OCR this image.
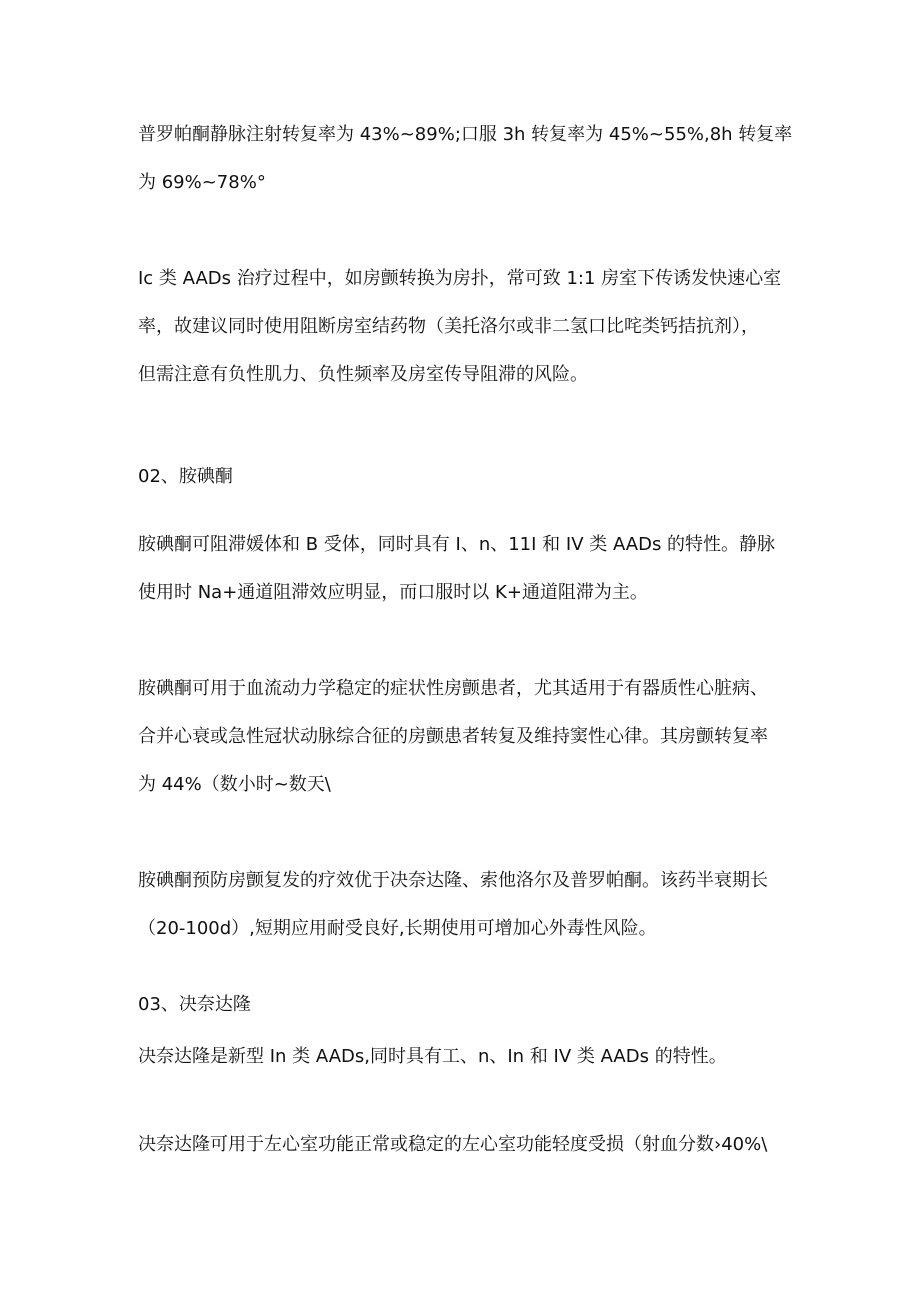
普罗帕酮静脉注射转复率为 43%~89%;口服 3h 转复率为 45%~55%,8h 转复率
为 69%~78%°

Ic 类 AADs 治疗过程中，如房颤转换为房扑，常可致 1:1 房室下传诱发快速心室
率，故建议同时使用阻断房室结药物（美托洛尔或非二氢口比咤类钙拮抗剂），
但需注意有负性肌力、负性频率及房室传导阻滞的风险。

02、胺碘酮

胺碘酮可阻滞媛体和 B 受体，同时具有 I、n、11I 和 IV 类 AADs 的特性。静脉
使用时 Na+通道阻滞效应明显，而口服时以 K+通道阻滞为主。

胺碘酮可用于血流动力学稳定的症状性房颤患者，尤其适用于有器质性心脏病、
合并心衰或急性冠状动脉综合征的房颤患者转复及维持窦性心律。其房颤转复率
为 44%（数小时~数天\

胺碘酮预防房颤复发的疗效优于决奈达隆、索他洛尔及普罗帕酮。该药半衰期长
（20-100d）,短期应用耐受良好,长期使用可增加心外毒性风险。

03、决奈达隆

决奈达隆是新型 In 类 AADs,同时具有工、n、In 和 IV 类 AADs 的特性。

决奈达隆可用于左心室功能正常或稳定的左心室功能轻度受损（射血分数›40%\
